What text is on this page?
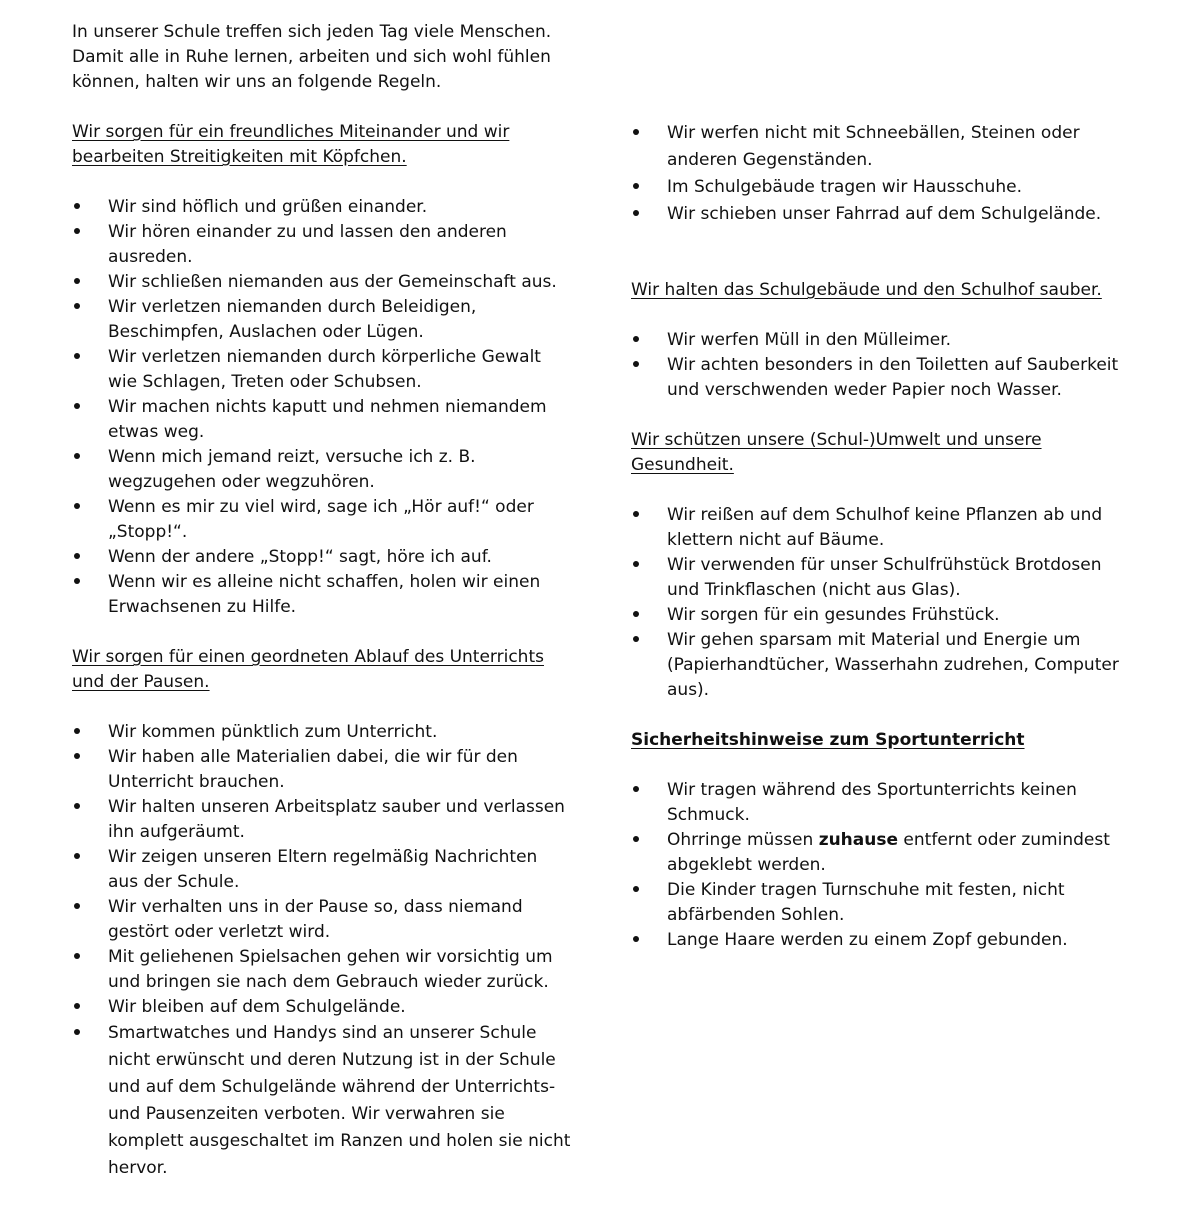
In unserer Schule treffen sich jeden Tag viele Menschen.
Damit alle in Ruhe lernen, arbeiten und sich wohl fühlen
können, halten wir uns an folgende Regeln.
Wir sorgen für ein freundliches Miteinander und wir
bearbeiten Streitigkeiten mit Köpfchen.
Wir sind höflich und grüßen einander.
Wir hören einander zu und lassen den anderen ausreden.
Wir schließen niemanden aus der Gemeinschaft aus.
Wir verletzen niemanden durch Beleidigen, Beschimpfen, Auslachen oder Lügen.
Wir verletzen niemanden durch körperliche Gewalt wie Schlagen, Treten oder Schubsen.
Wir machen nichts kaputt und nehmen niemandem etwas weg.
Wenn mich jemand reizt, versuche ich z. B. wegzugehen oder wegzuhören.
Wenn es mir zu viel wird, sage ich „Hör auf!“ oder „Stopp!“.
Wenn der andere „Stopp!“ sagt, höre ich auf.
Wenn wir es alleine nicht schaffen, holen wir einen Erwachsenen zu Hilfe.
Wir sorgen für einen geordneten Ablauf des Unterrichts
und der Pausen.
Wir kommen pünktlich zum Unterricht.
Wir haben alle Materialien dabei, die wir für den Unterricht brauchen.
Wir halten unseren Arbeitsplatz sauber und verlassen ihn aufgeräumt.
Wir zeigen unseren Eltern regelmäßig Nachrichten aus der Schule.
Wir verhalten uns in der Pause so, dass niemand gestört oder verletzt wird.
Mit geliehenen Spielsachen gehen wir vorsichtig um und bringen sie nach dem Gebrauch wieder zurück.
Wir bleiben auf dem Schulgelände.
Smartwatches und Handys sind an unserer Schule nicht erwünscht und deren Nutzung ist in der Schule und auf dem Schulgelände während der Unterrichts- und Pausenzeiten verboten. Wir verwahren sie komplett ausgeschaltet im Ranzen und holen sie nicht hervor.
Wir werfen nicht mit Schneebällen, Steinen oder anderen Gegenständen.
Im Schulgebäude tragen wir Hausschuhe.
Wir schieben unser Fahrrad auf dem Schulgelände.
Wir halten das Schulgebäude und den Schulhof sauber.
Wir werfen Müll in den Mülleimer.
Wir achten besonders in den Toiletten auf Sauberkeit und verschwenden weder Papier noch Wasser.
Wir schützen unsere (Schul-)Umwelt und unsere
Gesundheit.
Wir reißen auf dem Schulhof keine Pflanzen ab und klettern nicht auf Bäume.
Wir verwenden für unser Schulfrühstück Brotdosen und Trinkflaschen (nicht aus Glas).
Wir sorgen für ein gesundes Frühstück.
Wir gehen sparsam mit Material und Energie um (Papierhandtücher, Wasserhahn zudrehen, Computer aus).
Sicherheitshinweise zum Sportunterricht
Wir tragen während des Sportunterrichts keinen Schmuck.
Ohrringe müssen zuhause entfernt oder zumindest abgeklebt werden.
Die Kinder tragen Turnschuhe mit festen, nicht abfärbenden Sohlen.
Lange Haare werden zu einem Zopf gebunden.
